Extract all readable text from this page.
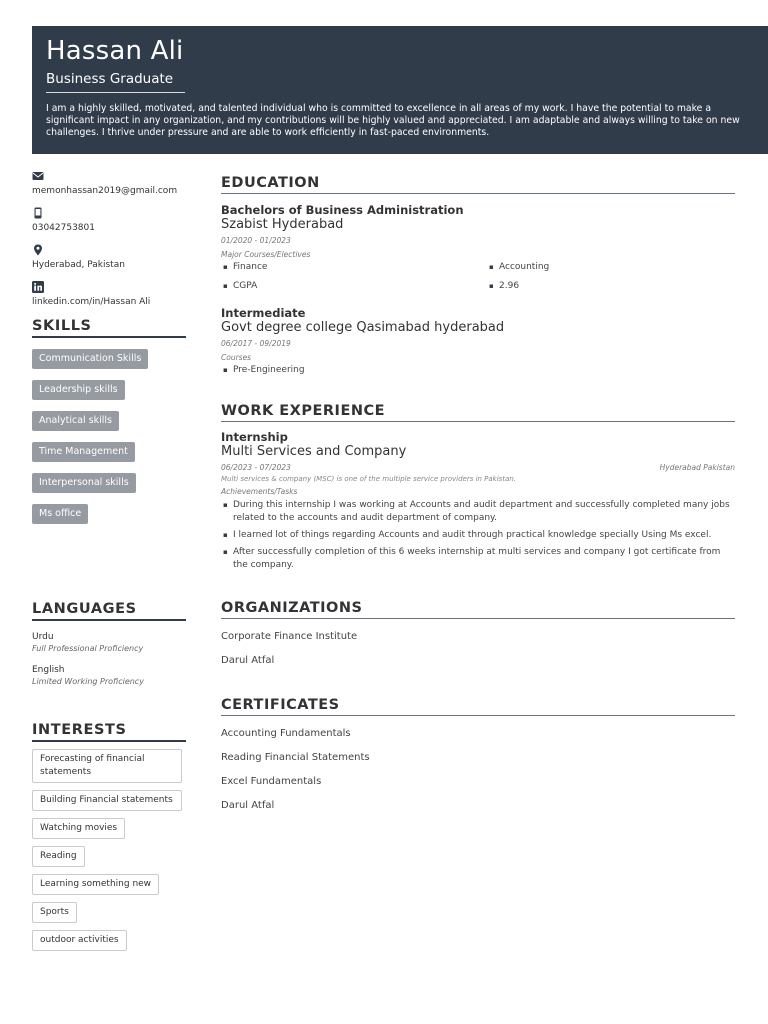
Hassan Ali
Business Graduate
I am a highly skilled, motivated, and talented individual who is committed to excellence in all areas of my work. I have the potential to make a significant impact in any organization, and my contributions will be highly valued and appreciated. I am adaptable and always willing to take on new challenges. I thrive under pressure and are able to work efficiently in fast-paced environments.
memonhassan2019@gmail.com
03042753801
Hyderabad, Pakistan
linkedin.com/in/Hassan Ali
SKILLS
Communication Skills
Leadership skills
Analytical skills
Time Management
Interpersonal skills
Ms office
LANGUAGES
Urdu
Full Professional Proficiency
English
Limited Working Proficiency
INTERESTS
Forecasting of financial statements
Building Financial statements
Watching movies
Reading
Learning something new
Sports
outdoor activities
EDUCATION
Bachelors of Business Administration
Szabist Hyderabad
01/2020 - 01/2023
Major Courses/Electives
▪ Finance	▪ Accounting
▪ CGPA	▪ 2.96
Intermediate
Govt degree college Qasimabad hyderabad
06/2017 - 09/2019
Courses
▪ Pre-Engineering
WORK EXPERIENCE
Internship
Multi Services and Company
06/2023 - 07/2023	Hyderabad Pakistan
Multi services & company (MSC) is one of the multiple service providers in Pakistan.
Achievements/Tasks
▪ During this internship I was working at Accounts and audit department and successfully completed many jobs related to the accounts and audit department of company.
▪ I learned lot of things regarding Accounts and audit through practical knowledge specially Using Ms excel.
▪ After successfully completion of this 6 weeks internship at multi services and company I got certificate from the company.
ORGANIZATIONS
Corporate Finance Institute
Darul Atfal
CERTIFICATES
Accounting Fundamentals
Reading Financial Statements
Excel Fundamentals
Darul Atfal
